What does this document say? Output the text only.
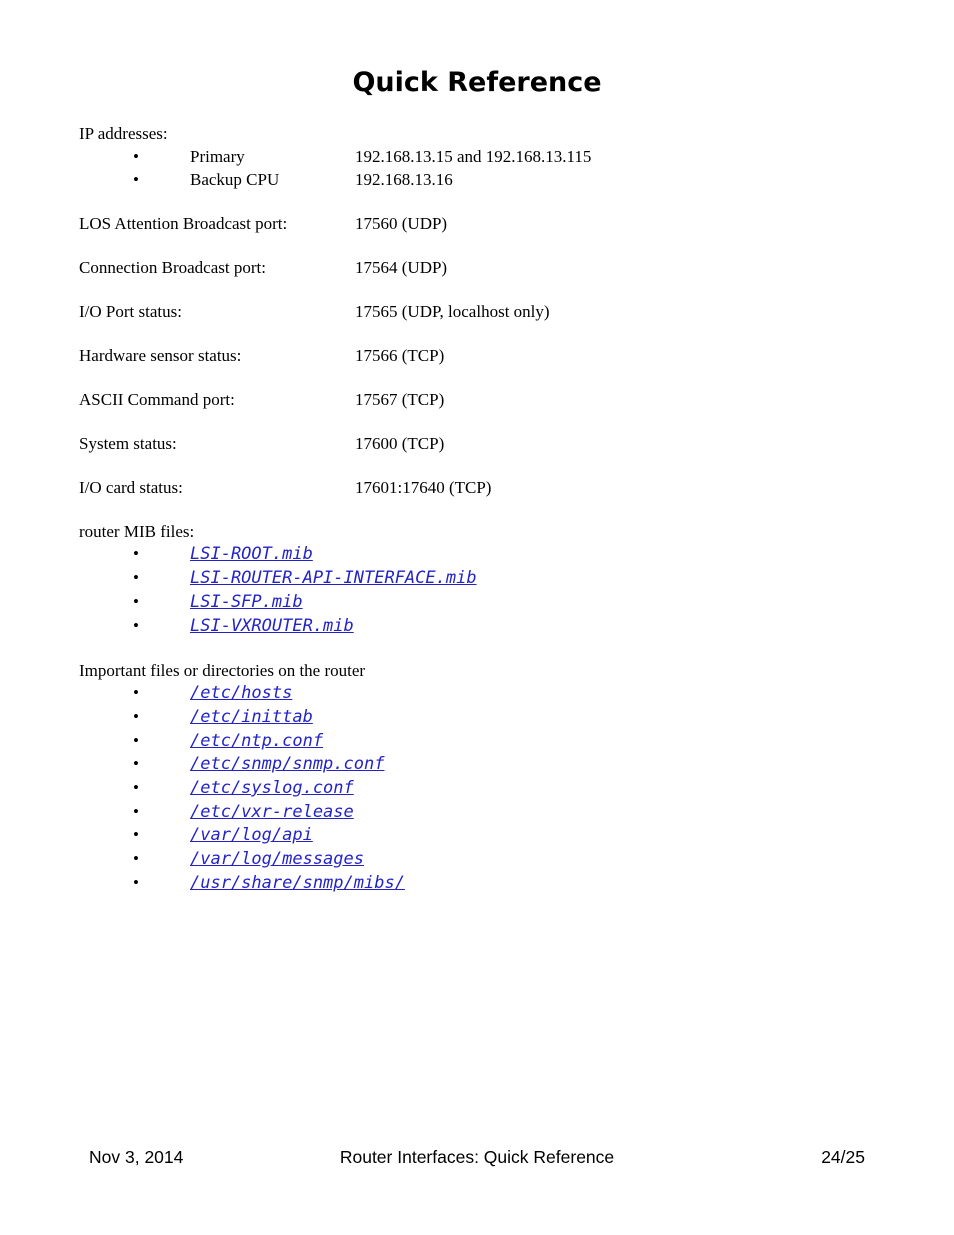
Quick Reference
IP addresses:
•	Primary	192.168.13.15 and 192.168.13.115
•	Backup CPU	192.168.13.16
LOS Attention Broadcast port:	17560 (UDP)
Connection Broadcast port:	17564 (UDP)
I/O Port status:	17565 (UDP, localhost only)
Hardware sensor status:	17566 (TCP)
ASCII Command port:	17567 (TCP)
System status:	17600 (TCP)
I/O card status:	17601:17640 (TCP)
router MIB files:
•	LSI-ROOT.mib
•	LSI-ROUTER-API-INTERFACE.mib
•	LSI-SFP.mib
•	LSI-VXROUTER.mib
Important files or directories on the router
•	/etc/hosts
•	/etc/inittab
•	/etc/ntp.conf
•	/etc/snmp/snmp.conf
•	/etc/syslog.conf
•	/etc/vxr-release
•	/var/log/api
•	/var/log/messages
•	/usr/share/snmp/mibs/
Nov 3, 2014	Router Interfaces: Quick Reference	24/25
